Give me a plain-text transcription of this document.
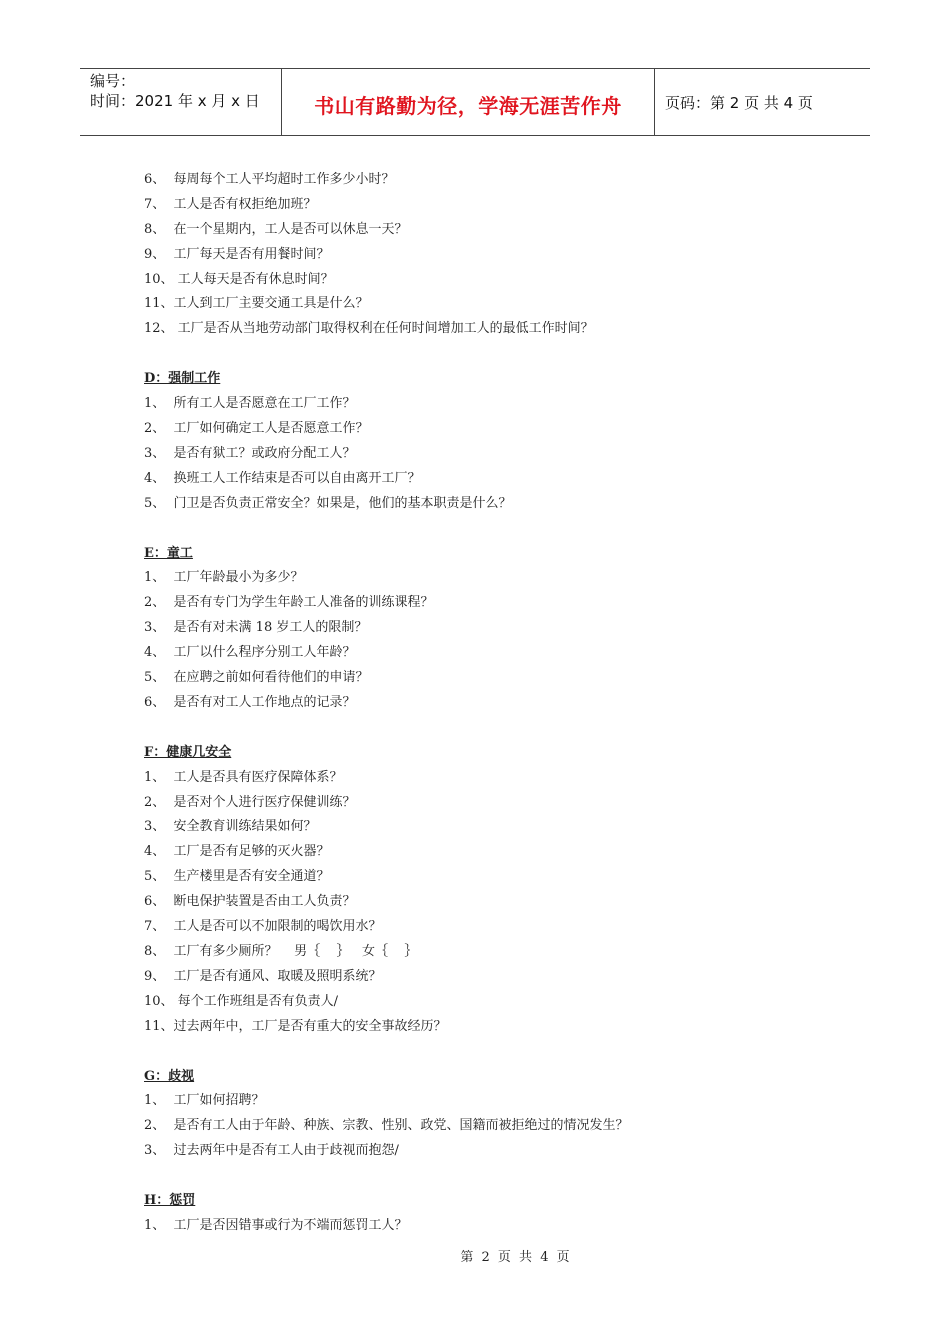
编号：
时间：2021 年 x 月 x 日	书山有路勤为径，学海无涯苦作舟	页码：第 2 页 共 4 页
6、  每周每个工人平均超时工作多少小时？
7、  工人是否有权拒绝加班？
8、  在一个星期内，工人是否可以休息一天？
9、  工厂每天是否有用餐时间？
10、 工人每天是否有休息时间？
11、工人到工厂主要交通工具是什么？
12、 工厂是否从当地劳动部门取得权利在任何时间增加工人的最低工作时间？
D：强制工作
1、  所有工人是否愿意在工厂工作？
2、  工厂如何确定工人是否愿意工作？
3、  是否有狱工？或政府分配工人？
4、  换班工人工作结束是否可以自由离开工厂？
5、  门卫是否负责正常安全？如果是，他们的基本职责是什么？
E：童工
1、  工厂年龄最小为多少？
2、  是否有专门为学生年龄工人准备的训练课程？
3、  是否有对未满 18 岁工人的限制？
4、  工厂以什么程序分别工人年龄？
5、  在应聘之前如何看待他们的申请？
6、  是否有对工人工作地点的记录？
F：健康几安全
1、  工人是否具有医疗保障体系？
2、  是否对个人进行医疗保健训练？
3、  安全教育训练结果如何？
4、  工厂是否有足够的灭火器？
5、  生产楼里是否有安全通道？
6、  断电保护装置是否由工人负责？
7、  工人是否可以不加限制的喝饮用水？
8、  工厂有多少厕所？    男｛    ｝   女｛    ｝
9、  工厂是否有通风、取暖及照明系统？
10、 每个工作班组是否有负责人/
11、过去两年中，工厂是否有重大的安全事故经历？
G：歧视
1、  工厂如何招聘？
2、  是否有工人由于年龄、种族、宗教、性别、政党、国籍而被拒绝过的情况发生？
3、  过去两年中是否有工人由于歧视而抱怨/
H：惩罚
1、  工厂是否因错事或行为不端而惩罚工人？
第 2 页 共 4 页
